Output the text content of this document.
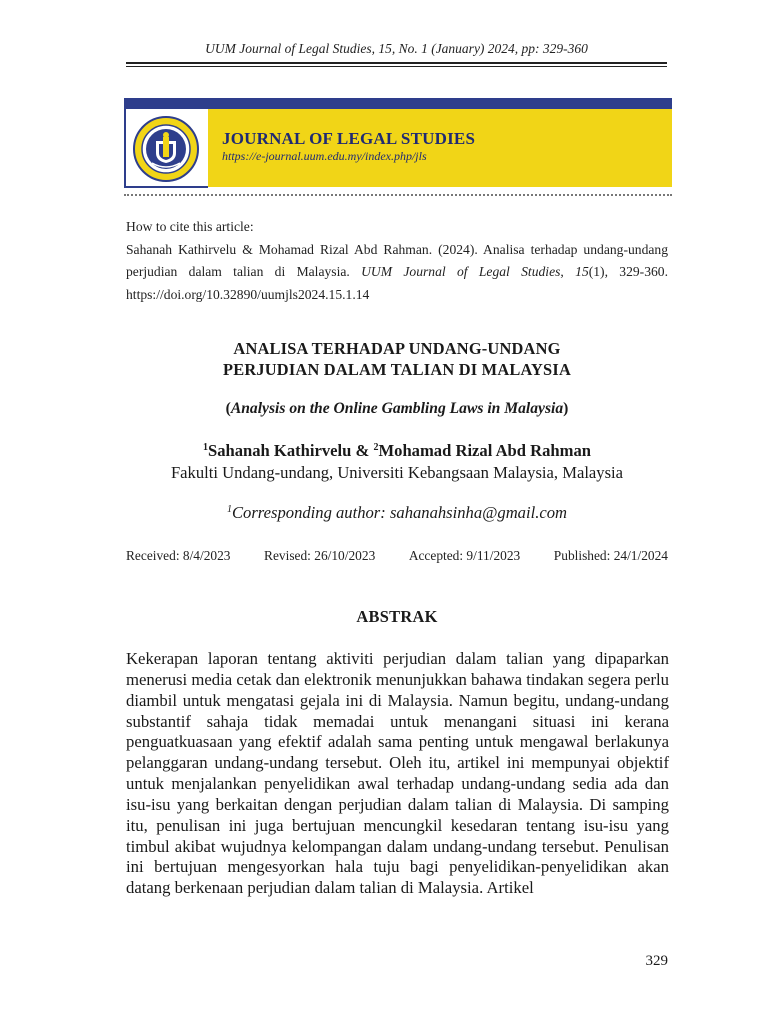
UUM Journal of Legal Studies, 15, No. 1 (January) 2024, pp: 329-360
JOURNAL OF LEGAL STUDIES
https://e-journal.uum.edu.my/index.php/jls
How to cite this article:
Sahanah Kathirvelu & Mohamad Rizal Abd Rahman. (2024). Analisa terhadap undang-undang perjudian dalam talian di Malaysia. UUM Journal of Legal Studies, 15(1), 329-360. https://doi.org/10.32890/uumjls2024.15.1.14
ANALISA TERHADAP UNDANG-UNDANG
PERJUDIAN DALAM TALIAN DI MALAYSIA
(Analysis on the Online Gambling Laws in Malaysia)
$^1$Sahanah Kathirvelu & $^2$Mohamad Rizal Abd Rahman
Fakulti Undang-undang, Universiti Kebangsaan Malaysia, Malaysia
$^1$Corresponding author: sahanahsinha@gmail.com
Received: 8/4/2023	Revised: 26/10/2023	Accepted: 9/11/2023	Published: 24/1/2024
ABSTRAK
Kekerapan laporan tentang aktiviti perjudian dalam talian yang dipaparkan menerusi media cetak dan elektronik menunjukkan bahawa tindakan segera perlu diambil untuk mengatasi gejala ini di Malaysia. Namun begitu, undang-undang substantif sahaja tidak memadai untuk menangani situasi ini kerana penguatkuasaan yang efektif adalah sama penting untuk mengawal berlakunya pelanggaran undang-undang tersebut. Oleh itu, artikel ini mempunyai objektif untuk menjalankan penyelidikan awal terhadap undang-undang sedia ada dan isu-isu yang berkaitan dengan perjudian dalam talian di Malaysia. Di samping itu, penulisan ini juga bertujuan mencungkil kesedaran tentang isu-isu yang timbul akibat wujudnya kelompangan dalam undang-undang tersebut. Penulisan ini bertujuan mengesyorkan hala tuju bagi penyelidikan-penyelidikan akan datang berkenaan perjudian dalam talian di Malaysia. Artikel
329
